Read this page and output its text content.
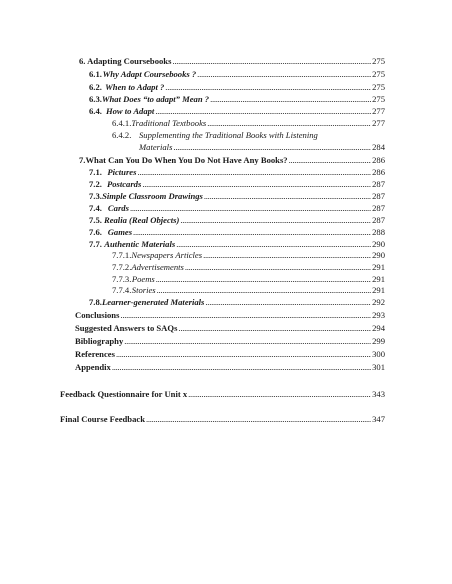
6. Adapting Coursebooks . . .	275
6.1. Why Adapt Coursebooks ? . . .	275
6.2. When to Adapt ? . . .	275
6.3. What Does “to adapt” Mean ? . . .	275
6.4. How to Adapt . . .	277
6.4.1. Traditional Textbooks . . .	277
6.4.2. Supplementing the Traditional Books with Listening
Materials . . .	284
7. What Can You Do When You Do Not Have Any Books? . . .	286
7.1. Pictures . . .	286
7.2. Postcards . . .	287
7.3. Simple Classroom Drawings . . .	287
7.4. Cards . . .	287
7.5. Realia (Real Objects) . . .	287
7.6. Games . . .	288
7.7. Authentic Materials . . .	290
7.7.1. Newspapers Articles . . .	290
7.7.2. Advertisements . . .	291
7.7.3. Poems . . .	291
7.7.4. Stories . . .	291
7.8. Learner-generated Materials . . .	292
Conclusions . . .	293
Suggested Answers to SAQs . . .	294
Bibliography . . .	299
References . . .	300
Appendix . . .	301
Feedback Questionnaire for Unit x . . .	343
Final Course Feedback . . .	347
